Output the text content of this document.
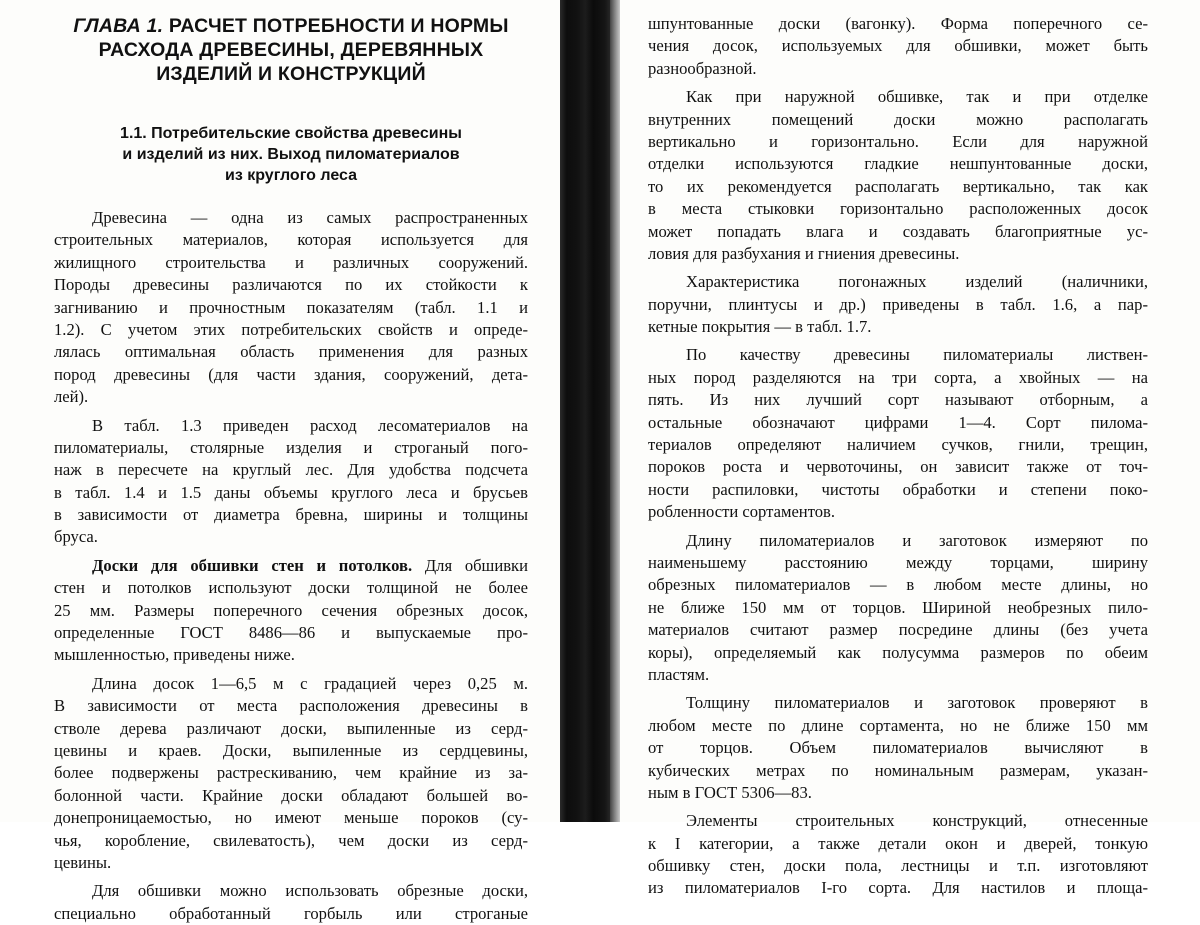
ГЛАВА 1. РАСЧЕТ ПОТРЕБНОСТИ И НОРМЫ
РАСХОДА ДРЕВЕСИНЫ, ДЕРЕВЯННЫХ
ИЗДЕЛИЙ И КОНСТРУКЦИЙ
1.1. Потребительские свойства древесины
и изделий из них. Выход пиломатериалов
из круглого леса
Древесина — одна из самых распространенных
строительных материалов, которая используется для
жилищного строительства и различных сооружений.
Породы древесины различаются по их стойкости к
загниванию и прочностным показателям (табл. 1.1 и
1.2). С учетом этих потребительских свойств и опреде-
лялась оптимальная область применения для разных
пород древесины (для части здания, сооружений, дета-
лей).
В табл. 1.3 приведен расход лесоматериалов на
пиломатериалы, столярные изделия и строганый пого-
наж в пересчете на круглый лес. Для удобства подсчета
в табл. 1.4 и 1.5 даны объемы круглого леса и брусьев
в зависимости от диаметра бревна, ширины и толщины
бруса.
Доски для обшивки стен и потолков. Для обшивки
стен и потолков используют доски толщиной не более
25 мм. Размеры поперечного сечения обрезных досок,
определенные ГОСТ 8486—86 и выпускаемые про-
мышленностью, приведены ниже.
Длина досок 1—6,5 м с градацией через 0,25 м.
В зависимости от места расположения древесины в
стволе дерева различают доски, выпиленные из серд-
цевины и краев. Доски, выпиленные из сердцевины,
более подвержены растрескиванию, чем крайние из за-
болонной части. Крайние доски обладают большей во-
донепроницаемостью, но имеют меньше пороков (су-
чья, коробление, свилеватость), чем доски из серд-
цевины.
Для обшивки можно использовать обрезные доски,
специально обработанный горбыль или строганые
шпунтованные доски (вагонку). Форма поперечного се-
чения досок, используемых для обшивки, может быть
разнообразной.
Как при наружной обшивке, так и при отделке
внутренних помещений доски можно располагать
вертикально и горизонтально. Если для наружной
отделки используются гладкие нешпунтованные доски,
то их рекомендуется располагать вертикально, так как
в места стыковки горизонтально расположенных досок
может попадать влага и создавать благоприятные ус-
ловия для разбухания и гниения древесины.
Характеристика погонажных изделий (наличники,
поручни, плинтусы и др.) приведены в табл. 1.6, а пар-
кетные покрытия — в табл. 1.7.
По качеству древесины пиломатериалы листвен-
ных пород разделяются на три сорта, а хвойных — на
пять. Из них лучший сорт называют отборным, а
остальные обозначают цифрами 1—4. Сорт пилома-
териалов определяют наличием сучков, гнили, трещин,
пороков роста и червоточины, он зависит также от точ-
ности распиловки, чистоты обработки и степени поко-
робленности сортаментов.
Длину пиломатериалов и заготовок измеряют по
наименьшему расстоянию между торцами, ширину
обрезных пиломатериалов — в любом месте длины, но
не ближе 150 мм от торцов. Шириной необрезных пило-
материалов считают размер посредине длины (без учета
коры), определяемый как полусумма размеров по обеим
пластям.
Толщину пиломатериалов и заготовок проверяют в
любом месте по длине сортамента, но не ближе 150 мм
от торцов. Объем пиломатериалов вычисляют в
кубических метрах по номинальным размерам, указан-
ным в ГОСТ 5306—83.
Элементы строительных конструкций, отнесенные
к I категории, а также детали окон и дверей, тонкую
обшивку стен, доски пола, лестницы и т.п. изготовляют
из пиломатериалов I-го сорта. Для настилов и площа-
